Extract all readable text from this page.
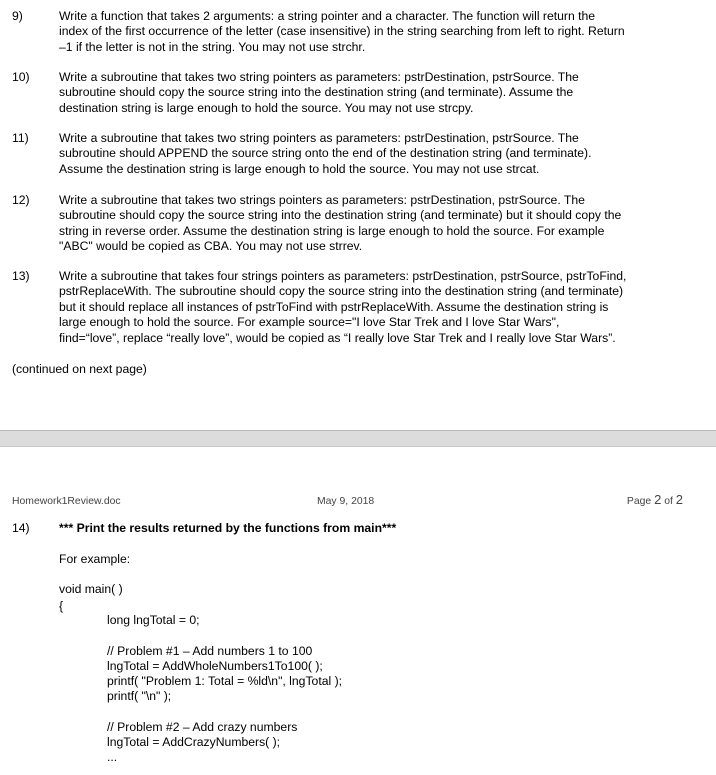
9)	Write a function that takes 2 arguments: a string pointer and a character. The function will return the
index of the first occurrence of the letter (case insensitive) in the string searching from left to right. Return
–1 if the letter is not in the string. You may not use strchr.
10) Write a subroutine that takes two string pointers as parameters: pstrDestination, pstrSource. The
subroutine should copy the source string into the destination string (and terminate). Assume the
destination string is large enough to hold the source. You may not use strcpy.
11) Write a subroutine that takes two string pointers as parameters: pstrDestination, pstrSource. The
subroutine should APPEND the source string onto the end of the destination string (and terminate).
Assume the destination string is large enough to hold the source. You may not use strcat.
12) Write a subroutine that takes two strings pointers as parameters: pstrDestination, pstrSource. The
subroutine should copy the source string into the destination string (and terminate) but it should copy the
string in reverse order. Assume the destination string is large enough to hold the source. For example
"ABC" would be copied as CBA. You may not use strrev.
13) Write a subroutine that takes four strings pointers as parameters: pstrDestination, pstrSource, pstrToFind,
pstrReplaceWith. The subroutine should copy the source string into the destination string (and terminate)
but it should replace all instances of pstrToFind with pstrReplaceWith. Assume the destination string is
large enough to hold the source. For example source="I love Star Trek and I love Star Wars",
find=“love”, replace “really love”, would be copied as “I really love Star Trek and I really love Star Wars”.
(continued on next page)
Homework1Review.doc	May 9, 2018	Page 2 of 2
14) *** Print the results returned by the functions from main***
For example:
void main( )
{
long lngTotal = 0;
// Problem #1 – Add numbers 1 to 100
lngTotal = AddWholeNumbers1To100( );
printf( "Problem 1: Total = %ld\n", lngTotal );
printf( "\n" );
// Problem #2 – Add crazy numbers
lngTotal = AddCrazyNumbers( );
...
